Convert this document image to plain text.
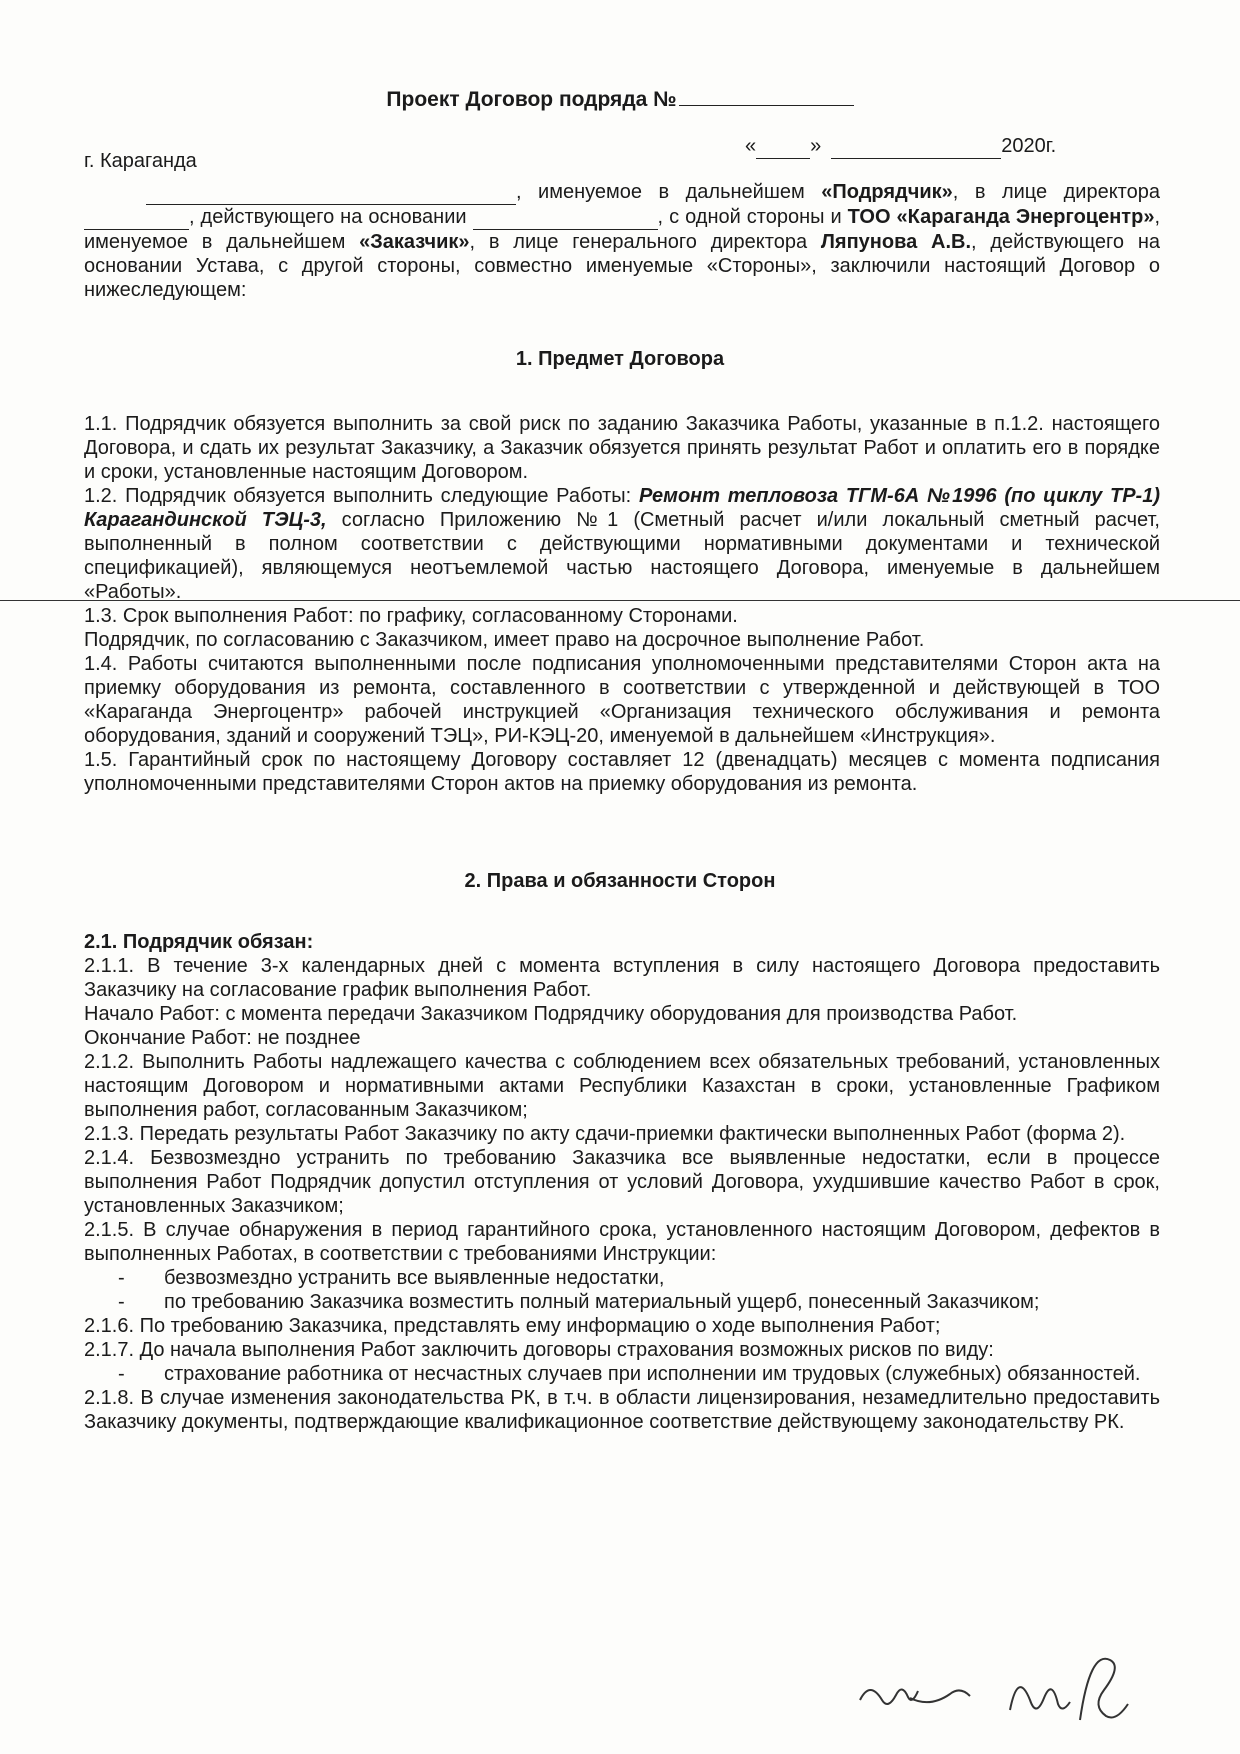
Проект Договор подряда №
г. Караганда
«	»	2020г.

, именуемое в дальнейшем «Подрядчик», в лице директора  , действующего на основании	, с одной стороны и ТОО «Караганда Энергоцентр», именуемое в дальнейшем «Заказчик», в лице генерального директора Ляпунова А.В., действующего на основании Устава, с другой стороны, совместно именуемые «Стороны», заключили настоящий Договор о нижеследующем:

1. Предмет Договора

1.1. Подрядчик обязуется выполнить за свой риск по заданию Заказчика Работы, указанные в п.1.2. настоящего Договора, и сдать их результат Заказчику, а Заказчик обязуется принять результат Работ и оплатить его в порядке и сроки, установленные настоящим Договором.

1.2. Подрядчик обязуется выполнить следующие Работы: Ремонт тепловоза ТГМ-6А №1996 (по циклу ТР-1) Карагандинской ТЭЦ-3, согласно Приложению №1 (Сметный расчет и/или локальный сметный расчет, выполненный в полном соответствии с действующими нормативными документами и технической спецификацией), являющемуся неотъемлемой частью настоящего Договора, именуемые в дальнейшем «Работы».

1.3. Срок выполнения Работ: по графику, согласованному Сторонами.

Подрядчик, по согласованию с Заказчиком, имеет право на досрочное выполнение Работ.

1.4. Работы считаются выполненными после подписания уполномоченными представителями Сторон акта на приемку оборудования из ремонта, составленного в соответствии с утвержденной и действующей в ТОО «Караганда Энергоцентр» рабочей инструкцией «Организация технического обслуживания и ремонта оборудования, зданий и сооружений ТЭЦ», РИ-КЭЦ-20, именуемой в дальнейшем «Инструкция».

1.5. Гарантийный срок по настоящему Договору составляет 12 (двенадцать) месяцев с момента подписания уполномоченными представителями Сторон актов на приемку оборудования из ремонта.

2. Права и обязанности Сторон

2.1. Подрядчик обязан:

2.1.1. В течение 3-х календарных дней с момента вступления в силу настоящего Договора предоставить Заказчику на согласование график выполнения Работ.

Начало Работ: с момента передачи Заказчиком Подрядчику оборудования для производства Работ.

Окончание Работ: не позднее

2.1.2. Выполнить Работы надлежащего качества с соблюдением всех обязательных требований, установленных настоящим Договором и нормативными актами Республики Казахстан в сроки, установленные Графиком выполнения работ, согласованным Заказчиком;

2.1.3. Передать результаты Работ Заказчику по акту сдачи-приемки фактически выполненных Работ (форма 2).

2.1.4. Безвозмездно устранить по требованию Заказчика все выявленные недостатки, если в процессе выполнения Работ Подрядчик допустил отступления от условий Договора, ухудшившие качество Работ в срок, установленных Заказчиком;

2.1.5. В случае обнаружения в период гарантийного срока, установленного настоящим Договором, дефектов в выполненных Работах, в соответствии с требованиями Инструкции:

- безвозмездно устранить все выявленные недостатки,

- по требованию Заказчика возместить полный материальный ущерб, понесенный Заказчиком;

2.1.6. По требованию Заказчика, представлять ему информацию о ходе выполнения Работ;

2.1.7. До начала выполнения Работ заключить договоры страхования возможных рисков по виду:

- страхование работника от несчастных случаев при исполнении им трудовых (служебных) обязанностей.

2.1.8. В случае изменения законодательства РК, в т.ч. в области лицензирования, незамедлительно предоставить Заказчику документы, подтверждающие квалификационное соответствие действующему законодательству РК.
